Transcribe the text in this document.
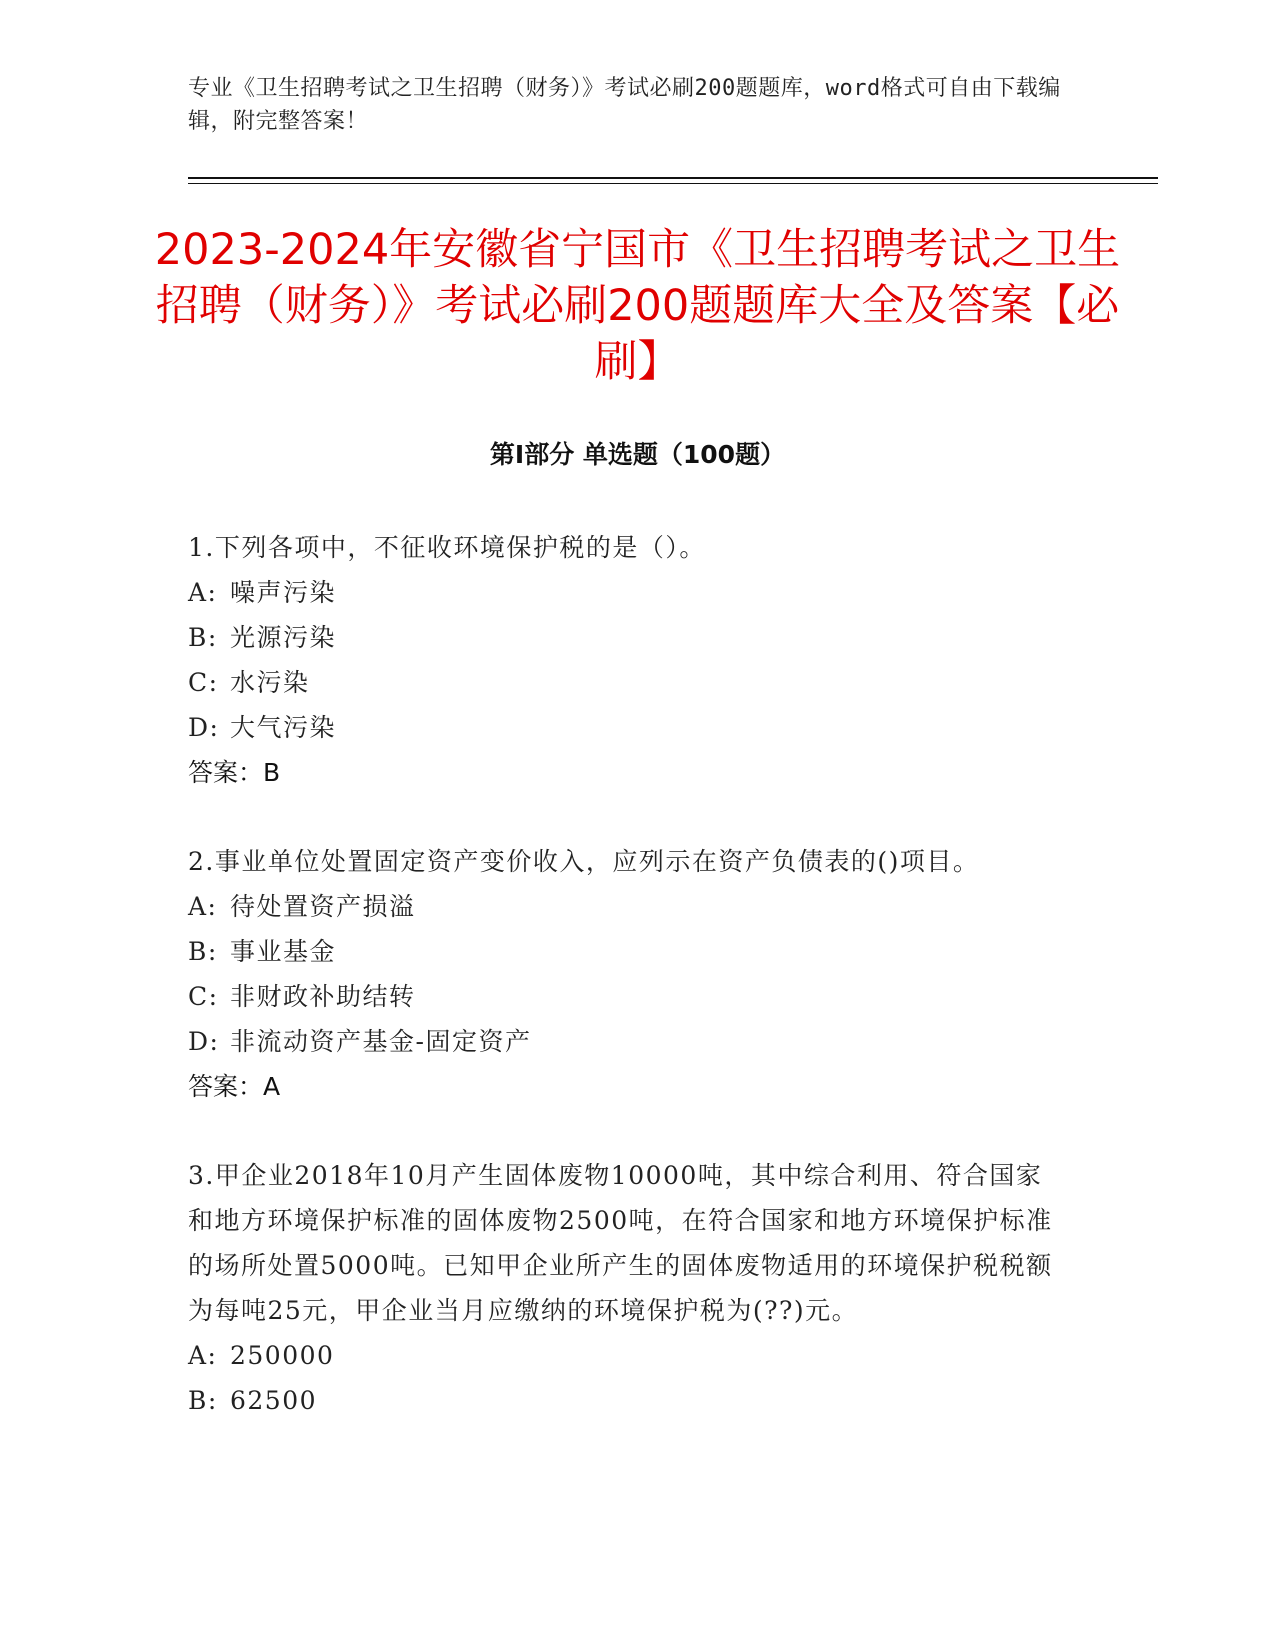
专业《卫生招聘考试之卫生招聘（财务）》考试必刷200题题库，word格式可自由下载编辑，附完整答案！
2023-2024年安徽省宁国市《卫生招聘考试之卫生招聘（财务）》考试必刷200题题库大全及答案【必刷】
第Ⅰ部分 单选题（100题）
1.下列各项中，不征收环境保护税的是（）。
A: 噪声污染
B: 光源污染
C: 水污染
D: 大气污染
答案：B
2.事业单位处置固定资产变价收入，应列示在资产负债表的()项目。
A: 待处置资产损溢
B: 事业基金
C: 非财政补助结转
D: 非流动资产基金-固定资产
答案：A
3.甲企业2018年10月产生固体废物10000吨，其中综合利用、符合国家和地方环境保护标准的固体废物2500吨，在符合国家和地方环境保护标准的场所处置5000吨。已知甲企业所产生的固体废物适用的环境保护税税额为每吨25元，甲企业当月应缴纳的环境保护税为(??)元。
A: 250000
B: 62500
